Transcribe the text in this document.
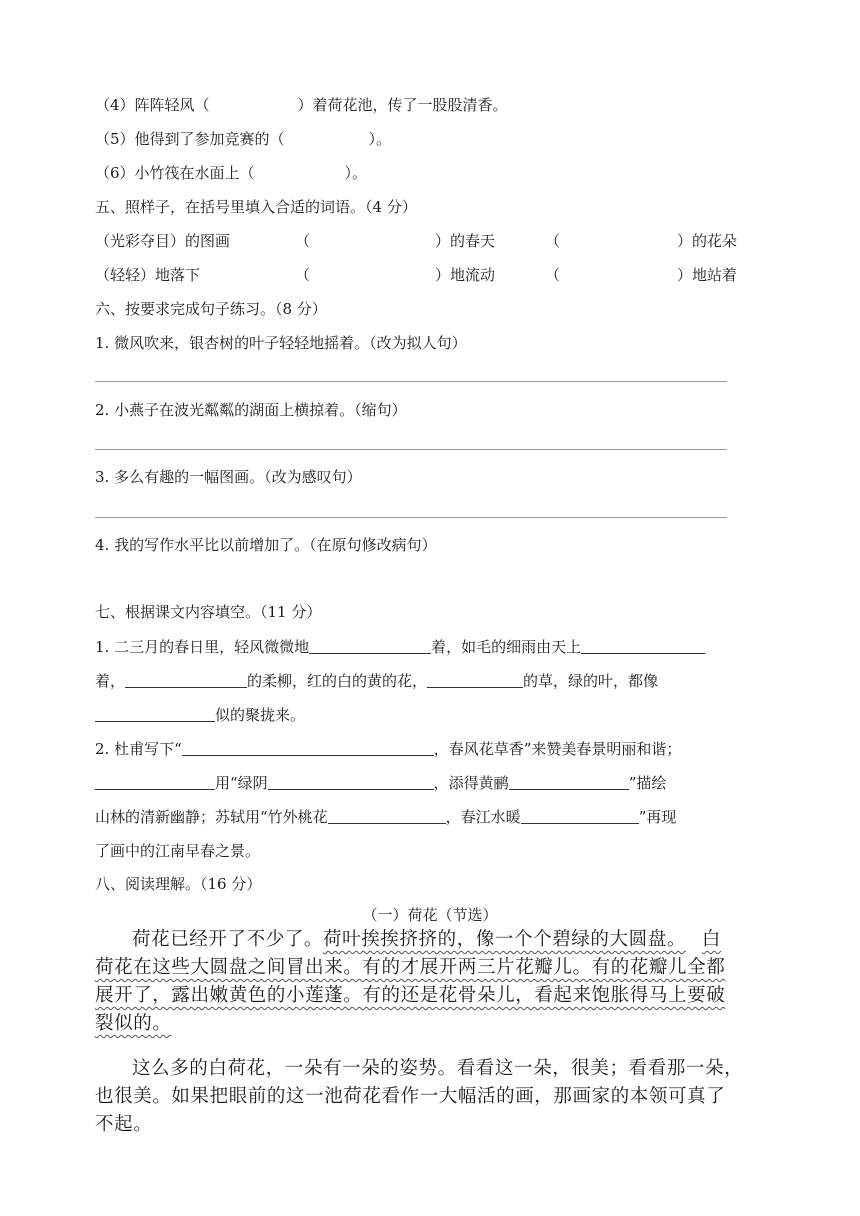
（4）阵阵轻风（	）着荷花池，传了一股股清香。
（5）他得到了参加竞赛的（	）。
（6）小竹筏在水面上（	）。
五、照样子，在括号里填入合适的词语。（4 分）
（光彩夺目）的图画	（	）的春天	（	）的花朵
（轻轻）地落下	（	）地流动	（	）地站着
六、按要求完成句子练习。（8 分）
1. 微风吹来，银杏树的叶子轻轻地摇着。（改为拟人句）
2. 小燕子在波光粼粼的湖面上横掠着。（缩句）
3. 多么有趣的一幅图画。（改为感叹句）
4. 我的写作水平比以前增加了。（在原句修改病句）
七、根据课文内容填空。（11 分）
1. 二三月的春日里，轻风微微地	着，如毛的细雨由天上
着，	的柔柳，红的白的黄的花，	的草，绿的叶，都像
似的聚拢来。
2. 杜甫写下“	，春风花草香”来赞美春景明丽和谐；
用“绿阴	，添得黄鹂	”描绘
山林的清新幽静；苏轼用“竹外桃花	，春江水暖	”再现
了画中的江南早春之景。
八、阅读理解。（16 分）
（一）荷花（节选）
荷花已经开了不少了。荷叶挨挨挤挤的，像一个个碧绿的大圆盘。 白
荷花在这些大圆盘之间冒出来。有的才展开两三片花瓣儿。有的花瓣儿全都
展开了，露出嫩黄色的小莲蓬。有的还是花骨朵儿，看起来饱胀得马上要破
裂似的。
这么多的白荷花，一朵有一朵的姿势。看看这一朵，很美；看看那一朵，
也很美。如果把眼前的这一池荷花看作一大幅活的画，那画家的本领可真了
不起。
